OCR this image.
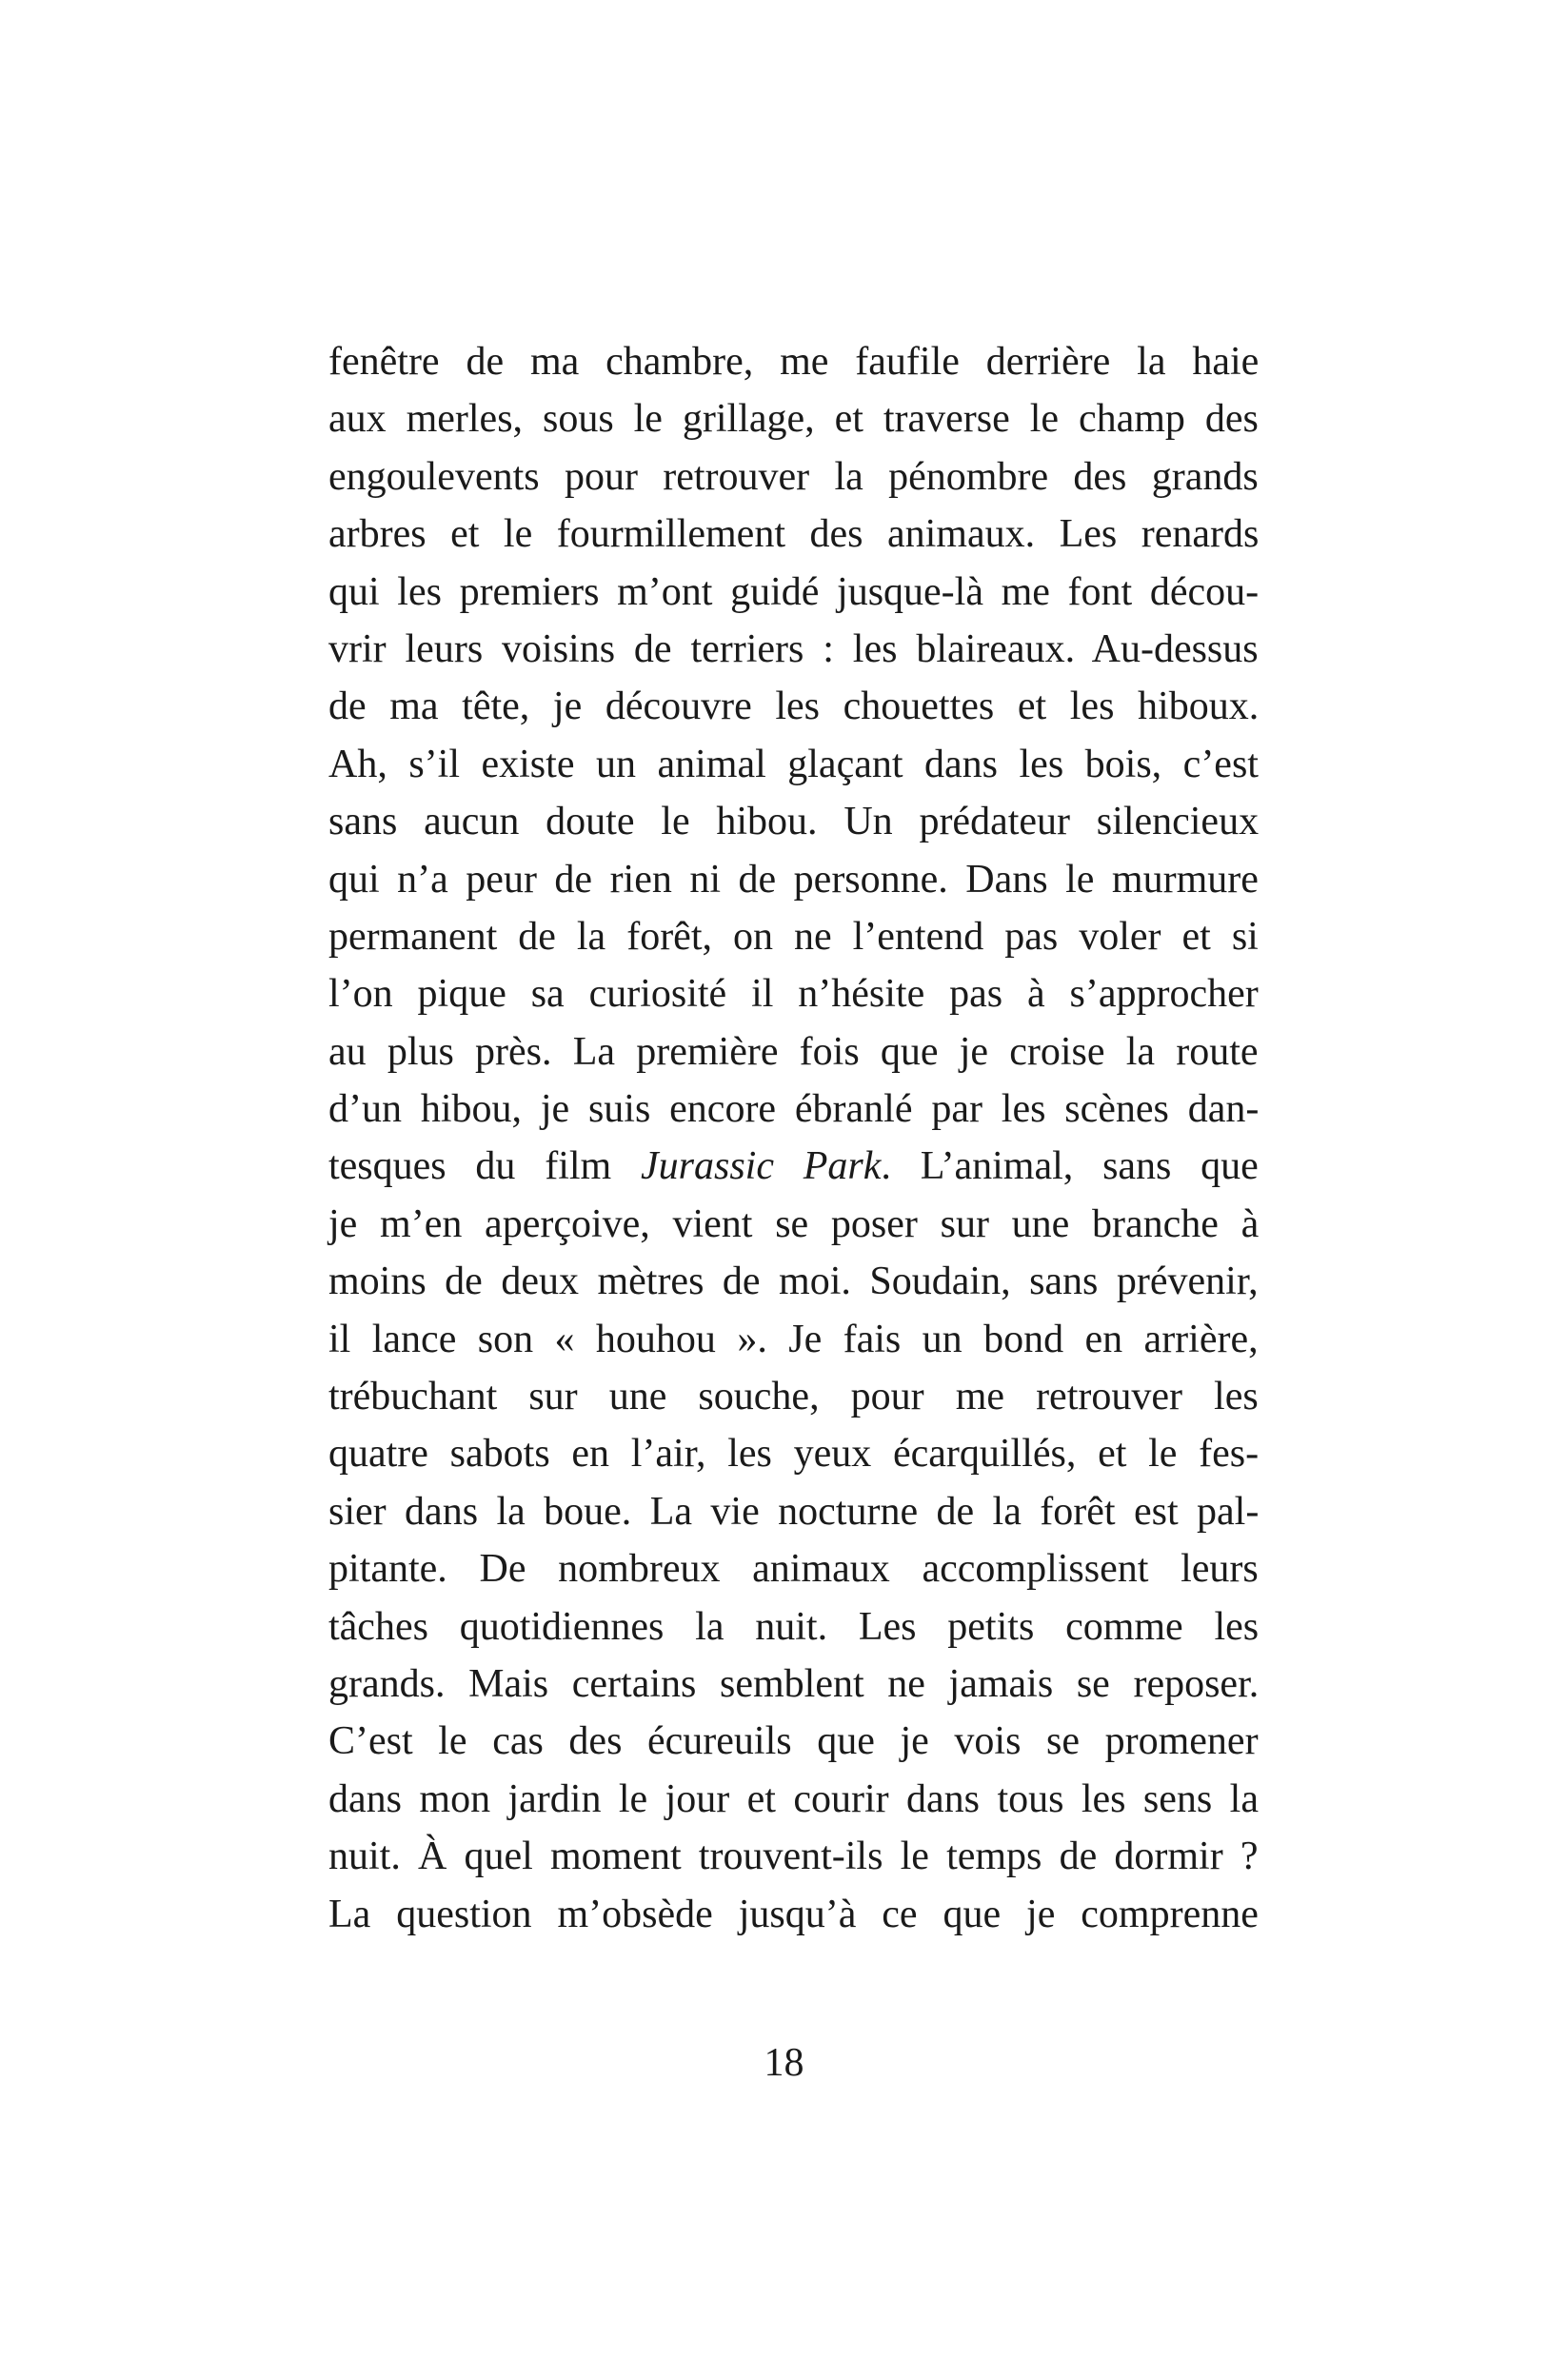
fenêtre de ma chambre, me faufile derrière la haie
aux merles, sous le grillage, et traverse le champ des
engoulevents pour retrouver la pénombre des grands
arbres et le fourmillement des animaux. Les renards
qui les premiers m’ont guidé jusque-là me font décou-
vrir leurs voisins de terriers : les blaireaux. Au-dessus
de ma tête, je découvre les chouettes et les hiboux.
Ah, s’il existe un animal glaçant dans les bois, c’est
sans aucun doute le hibou. Un prédateur silencieux
qui n’a peur de rien ni de personne. Dans le murmure
permanent de la forêt, on ne l’entend pas voler et si
l’on pique sa curiosité il n’hésite pas à s’approcher
au plus près. La première fois que je croise la route
d’un hibou, je suis encore ébranlé par les scènes dan-
tesques du film Jurassic Park. L’animal, sans que
je m’en aperçoive, vient se poser sur une branche à
moins de deux mètres de moi. Soudain, sans prévenir,
il lance son « houhou ». Je fais un bond en arrière,
trébuchant sur une souche, pour me retrouver les
quatre sabots en l’air, les yeux écarquillés, et le fes-
sier dans la boue. La vie nocturne de la forêt est pal-
pitante. De nombreux animaux accomplissent leurs
tâches quotidiennes la nuit. Les petits comme les
grands. Mais certains semblent ne jamais se reposer.
C’est le cas des écureuils que je vois se promener
dans mon jardin le jour et courir dans tous les sens la
nuit. À quel moment trouvent-ils le temps de dormir ?
La question m’obsède jusqu’à ce que je comprenne
18
